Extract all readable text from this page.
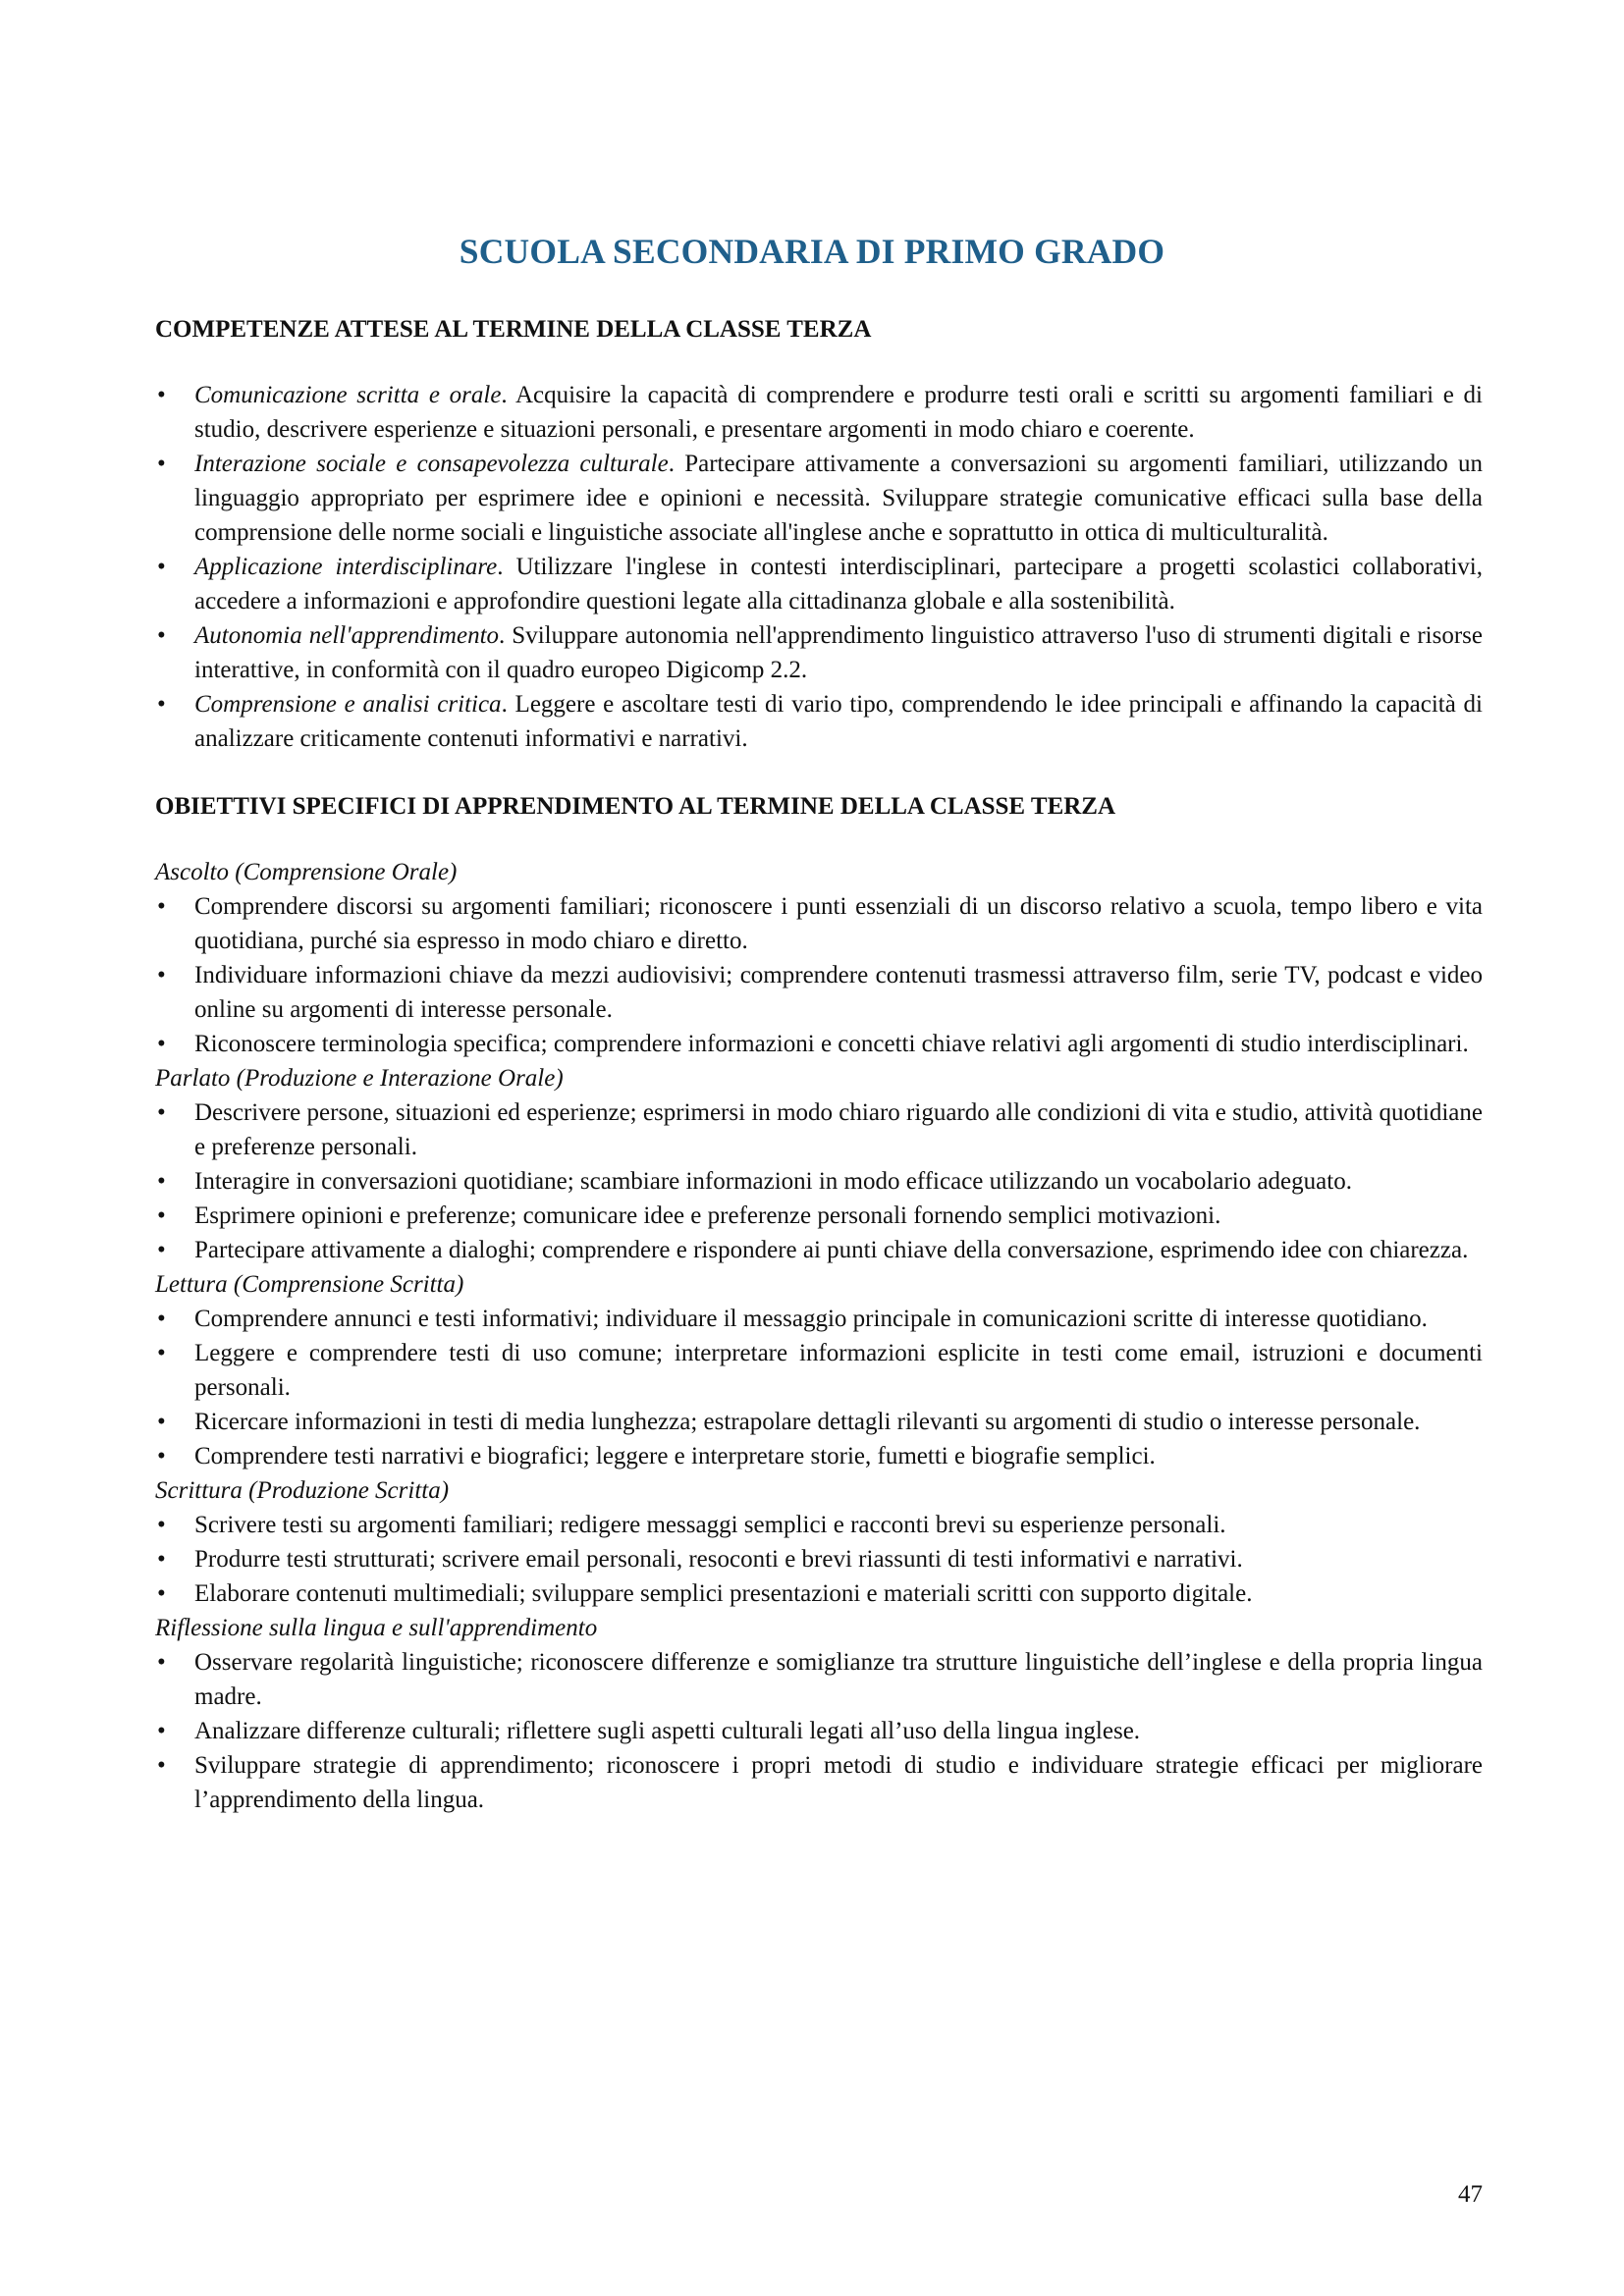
SCUOLA SECONDARIA DI PRIMO GRADO
COMPETENZE ATTESE AL TERMINE DELLA CLASSE TERZA
• Comunicazione scritta e orale. Acquisire la capacità di comprendere e produrre testi orali e scritti su argomenti familiari e di studio, descrivere esperienze e situazioni personali, e presentare argomenti in modo chiaro e coerente.
• Interazione sociale e consapevolezza culturale. Partecipare attivamente a conversazioni su argomenti familiari, utilizzando un linguaggio appropriato per esprimere idee e opinioni e necessità. Sviluppare strategie comunicative efficaci sulla base della comprensione delle norme sociali e linguistiche associate all'inglese anche e soprattutto in ottica di multiculturalità.
• Applicazione interdisciplinare. Utilizzare l'inglese in contesti interdisciplinari, partecipare a progetti scolastici collaborativi, accedere a informazioni e approfondire questioni legate alla cittadinanza globale e alla sostenibilità.
• Autonomia nell'apprendimento. Sviluppare autonomia nell'apprendimento linguistico attraverso l'uso di strumenti digitali e risorse interattive, in conformità con il quadro europeo Digicomp 2.2.
• Comprensione e analisi critica. Leggere e ascoltare testi di vario tipo, comprendendo le idee principali e affinando la capacità di analizzare criticamente contenuti informativi e narrativi.
OBIETTIVI SPECIFICI DI APPRENDIMENTO AL TERMINE DELLA CLASSE TERZA
Ascolto (Comprensione Orale)
• Comprendere discorsi su argomenti familiari; riconoscere i punti essenziali di un discorso relativo a scuola, tempo libero e vita quotidiana, purché sia espresso in modo chiaro e diretto.
• Individuare informazioni chiave da mezzi audiovisivi; comprendere contenuti trasmessi attraverso film, serie TV, podcast e video online su argomenti di interesse personale.
• Riconoscere terminologia specifica; comprendere informazioni e concetti chiave relativi agli argomenti di studio interdisciplinari.
Parlato (Produzione e Interazione Orale)
• Descrivere persone, situazioni ed esperienze; esprimersi in modo chiaro riguardo alle condizioni di vita e studio, attività quotidiane e preferenze personali.
• Interagire in conversazioni quotidiane; scambiare informazioni in modo efficace utilizzando un vocabolario adeguato.
• Esprimere opinioni e preferenze; comunicare idee e preferenze personali fornendo semplici motivazioni.
• Partecipare attivamente a dialoghi; comprendere e rispondere ai punti chiave della conversazione, esprimendo idee con chiarezza.
Lettura (Comprensione Scritta)
• Comprendere annunci e testi informativi; individuare il messaggio principale in comunicazioni scritte di interesse quotidiano.
• Leggere e comprendere testi di uso comune; interpretare informazioni esplicite in testi come email, istruzioni e documenti personali.
• Ricercare informazioni in testi di media lunghezza; estrapolare dettagli rilevanti su argomenti di studio o interesse personale.
• Comprendere testi narrativi e biografici; leggere e interpretare storie, fumetti e biografie semplici.
Scrittura (Produzione Scritta)
• Scrivere testi su argomenti familiari; redigere messaggi semplici e racconti brevi su esperienze personali.
• Produrre testi strutturati; scrivere email personali, resoconti e brevi riassunti di testi informativi e narrativi.
• Elaborare contenuti multimediali; sviluppare semplici presentazioni e materiali scritti con supporto digitale.
Riflessione sulla lingua e sull'apprendimento
• Osservare regolarità linguistiche; riconoscere differenze e somiglianze tra strutture linguistiche dell’inglese e della propria lingua madre.
• Analizzare differenze culturali; riflettere sugli aspetti culturali legati all’uso della lingua inglese.
• Sviluppare strategie di apprendimento; riconoscere i propri metodi di studio e individuare strategie efficaci per migliorare l’apprendimento della lingua.
47
